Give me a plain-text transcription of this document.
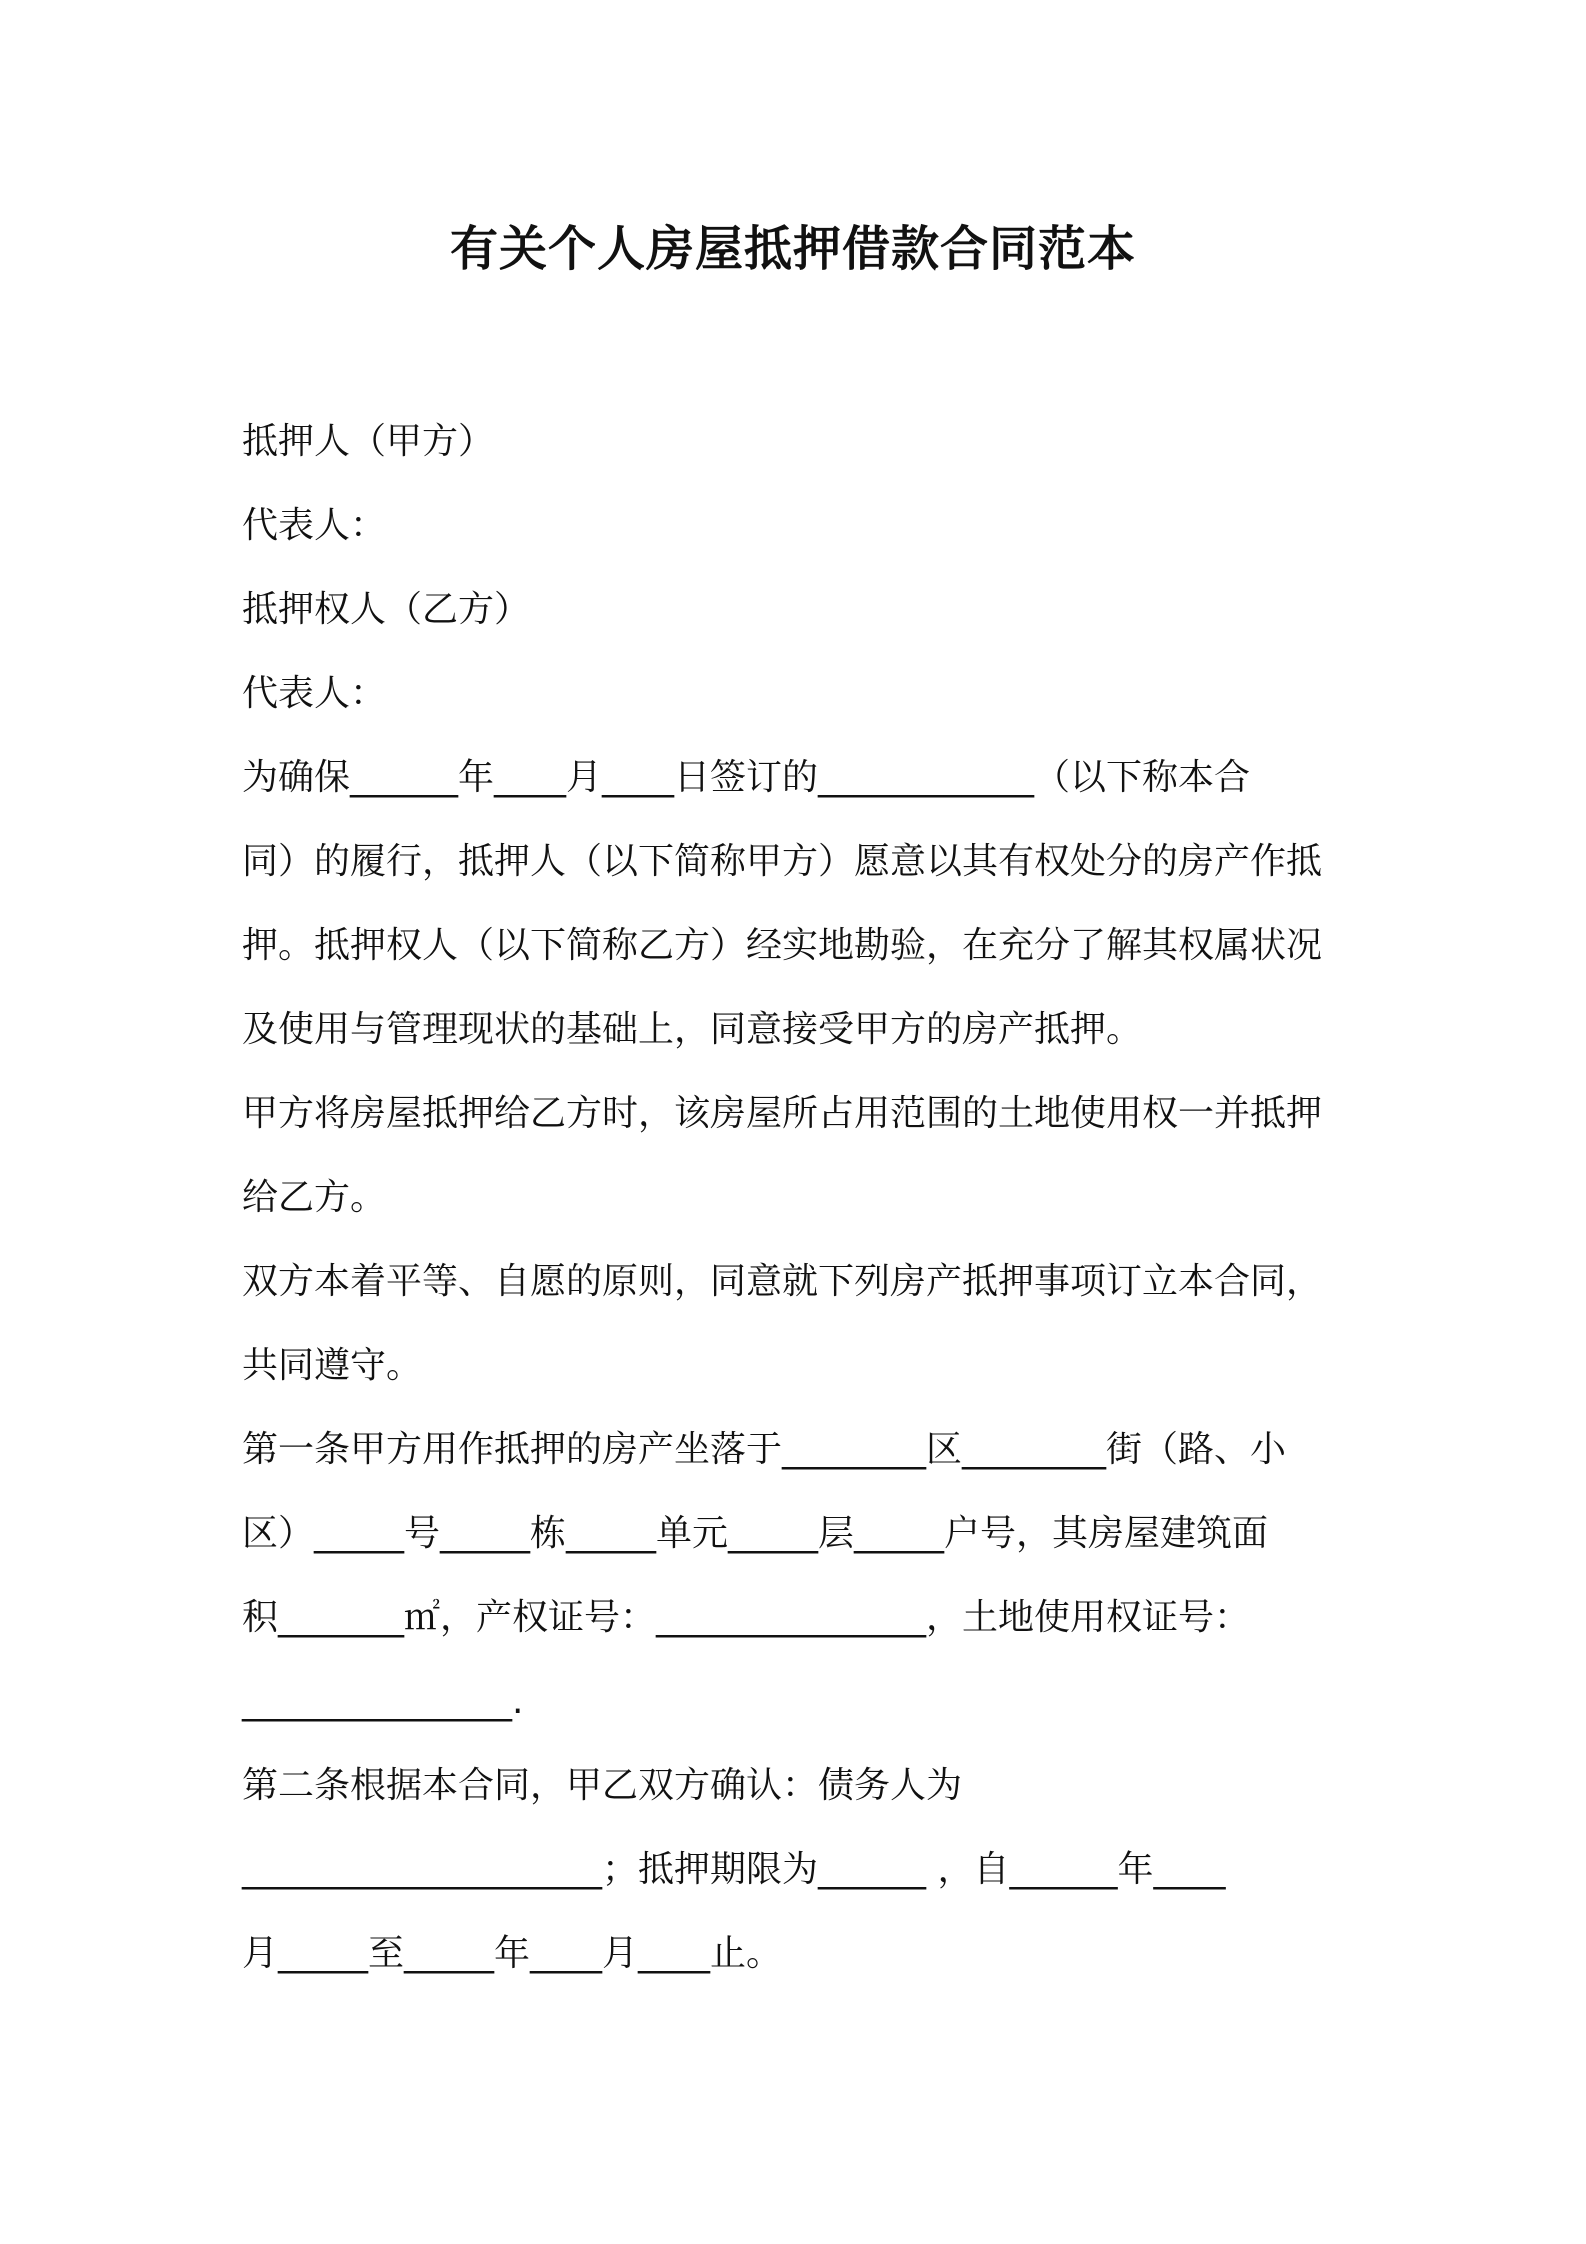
有关个人房屋抵押借款合同范本

抵押人（甲方）

代表人：

抵押权人（乙方）

代表人：

为确保______年____月____日签订的____________（以下称本合

同）的履行，抵押人（以下简称甲方）愿意以其有权处分的房产作抵

押。抵押权人（以下简称乙方）经实地勘验，在充分了解其权属状况

及使用与管理现状的基础上，同意接受甲方的房产抵押。

甲方将房屋抵押给乙方时，该房屋所占用范围的土地使用权一并抵押

给乙方。

双方本着平等、自愿的原则，同意就下列房产抵押事项订立本合同，

共同遵守。

第一条甲方用作抵押的房产坐落于________区________街（路、小

区）_____号_____栋_____单元_____层_____户号，其房屋建筑面

积_______㎡，产权证号：_______________，土地使用权证号：

_______________.

第二条根据本合同，甲乙双方确认：债务人为

____________________；抵押期限为______ ，自______年____

月_____至_____年____月____止。
